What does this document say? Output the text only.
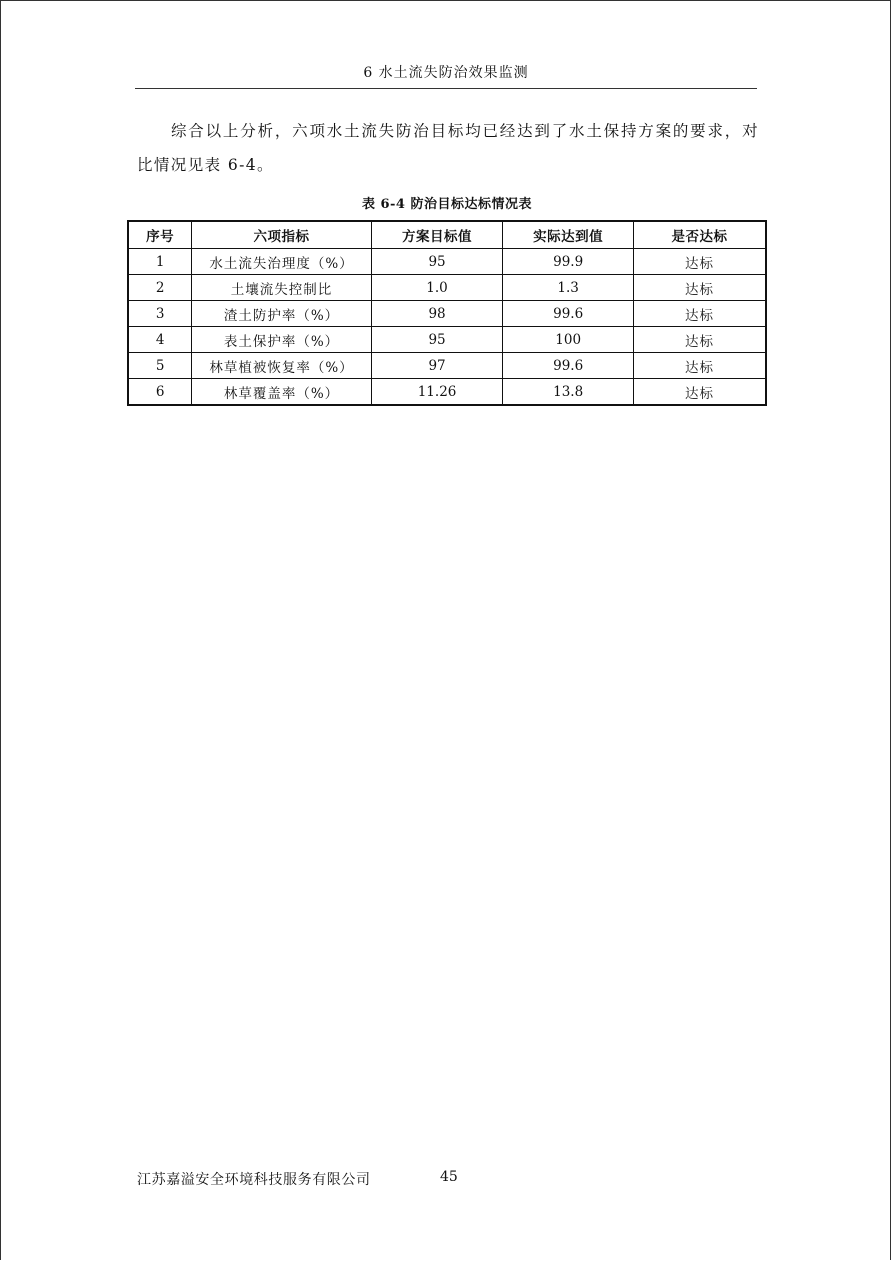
6 水土流失防治效果监测
综合以上分析，六项水土流失防治目标均已经达到了水土保持方案的要求，对比情况见表 6-4。
表 6-4 防治目标达标情况表
序号	六项指标	方案目标值	实际达到值	是否达标
1	水土流失治理度（%）	95	99.9	达标
2	土壤流失控制比	1.0	1.3	达标
3	渣土防护率（%）	98	99.6	达标
4	表土保护率（%）	95	100	达标
5	林草植被恢复率（%）	97	99.6	达标
6	林草覆盖率（%）	11.26	13.8	达标
江苏嘉溢安全环境科技服务有限公司	45
